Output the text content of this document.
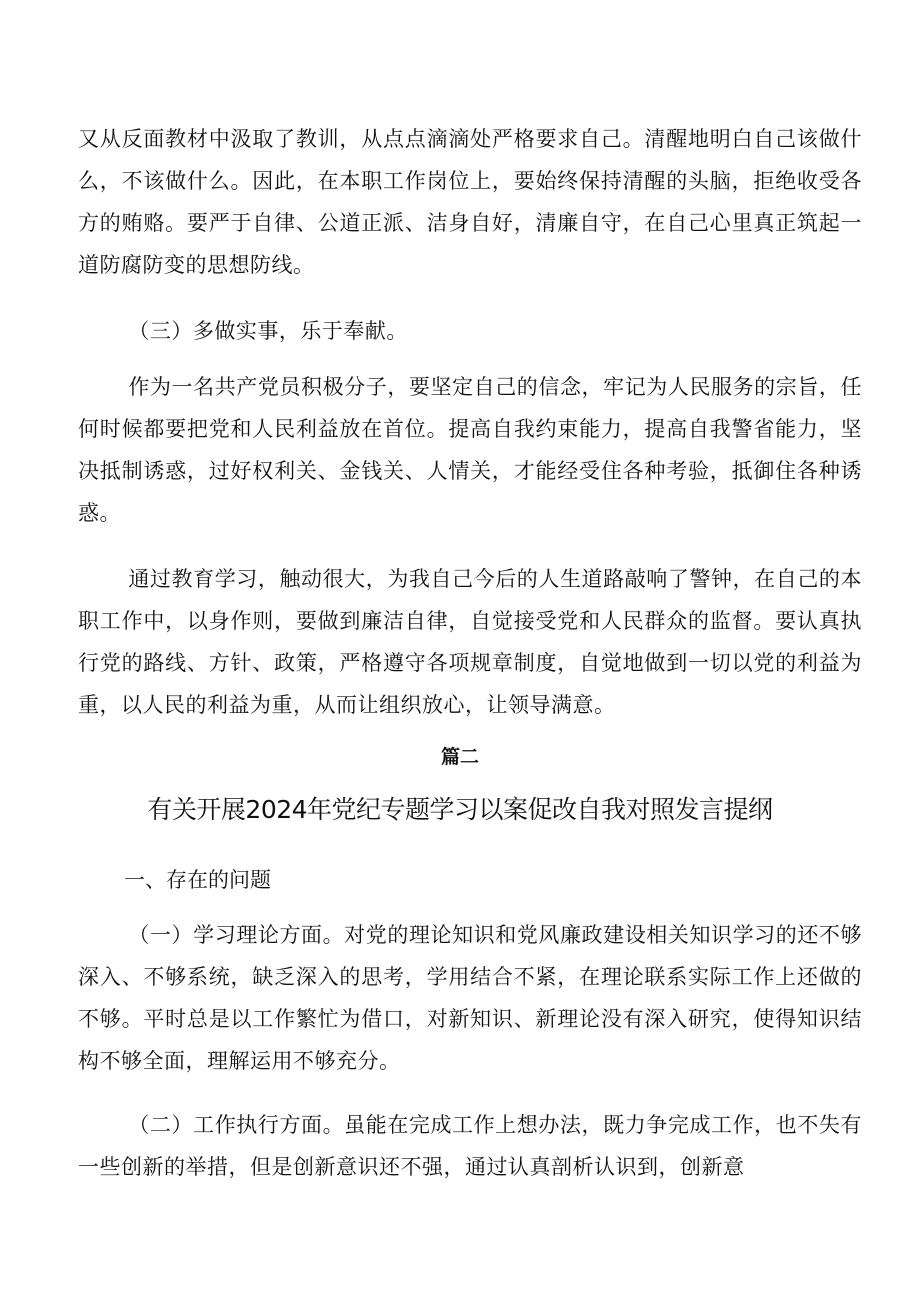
又从反面教材中汲取了教训，从点点滴滴处严格要求自己。清醒地明白自己该做什么，不该做什么。因此，在本职工作岗位上，要始终保持清醒的头脑，拒绝收受各方的贿赂。要严于自律、公道正派、洁身自好，清廉自守，在自己心里真正筑起一道防腐防变的思想防线。

（三）多做实事，乐于奉献。

作为一名共产党员积极分子，要坚定自己的信念，牢记为人民服务的宗旨，任何时候都要把党和人民利益放在首位。提高自我约束能力，提高自我警省能力，坚决抵制诱惑，过好权利关、金钱关、人情关，才能经受住各种考验，抵御住各种诱惑。

通过教育学习，触动很大，为我自己今后的人生道路敲响了警钟，在自己的本职工作中，以身作则，要做到廉洁自律，自觉接受党和人民群众的监督。要认真执行党的路线、方针、政策，严格遵守各项规章制度，自觉地做到一切以党的利益为重，以人民的利益为重，从而让组织放心，让领导满意。

篇二

有关开展2024年党纪专题学习以案促改自我对照发言提纲

一、存在的问题

（一）学习理论方面。对党的理论知识和党风廉政建设相关知识学习的还不够深入、不够系统，缺乏深入的思考，学用结合不紧，在理论联系实际工作上还做的不够。平时总是以工作繁忙为借口，对新知识、新理论没有深入研究，使得知识结构不够全面，理解运用不够充分。

（二）工作执行方面。虽能在完成工作上想办法，既力争完成工作，也不失有一些创新的举措，但是创新意识还不强，通过认真剖析认识到，创新意
